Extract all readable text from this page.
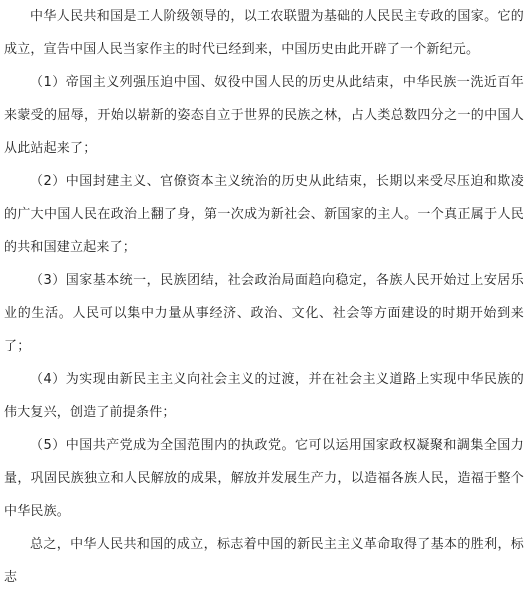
中华人民共和国是工人阶级领导的，以工农联盟为基础的人民民主专政的国家。它的成立，宣告中国人民当家作主的时代已经到来，中国历史由此开辟了一个新纪元。

（1）帝国主义列强压迫中国、奴役中国人民的历史从此结束，中华民族一洗近百年来蒙受的屈辱，开始以崭新的姿态自立于世界的民族之林，占人类总数四分之一的中国人从此站起来了；

（2）中国封建主义、官僚资本主义统治的历史从此结束，长期以来受尽压迫和欺凌的广大中国人民在政治上翻了身，第一次成为新社会、新国家的主人。一个真正属于人民的共和国建立起来了；

（3）国家基本统一，民族团结，社会政治局面趋向稳定，各族人民开始过上安居乐业的生活。人民可以集中力量从事经济、政治、文化、社会等方面建设的时期开始到来了；

（4）为实现由新民主主义向社会主义的过渡，并在社会主义道路上实现中华民族的伟大复兴，创造了前提条件；

（5）中国共产党成为全国范围内的执政党。它可以运用国家政权凝聚和調集全国力量，巩固民族独立和人民解放的成果，解放并发展生产力，以造福各族人民，造福于整个中华民族。

总之，中华人民共和国的成立，标志着中国的新民主主义革命取得了基本的胜利，标志
